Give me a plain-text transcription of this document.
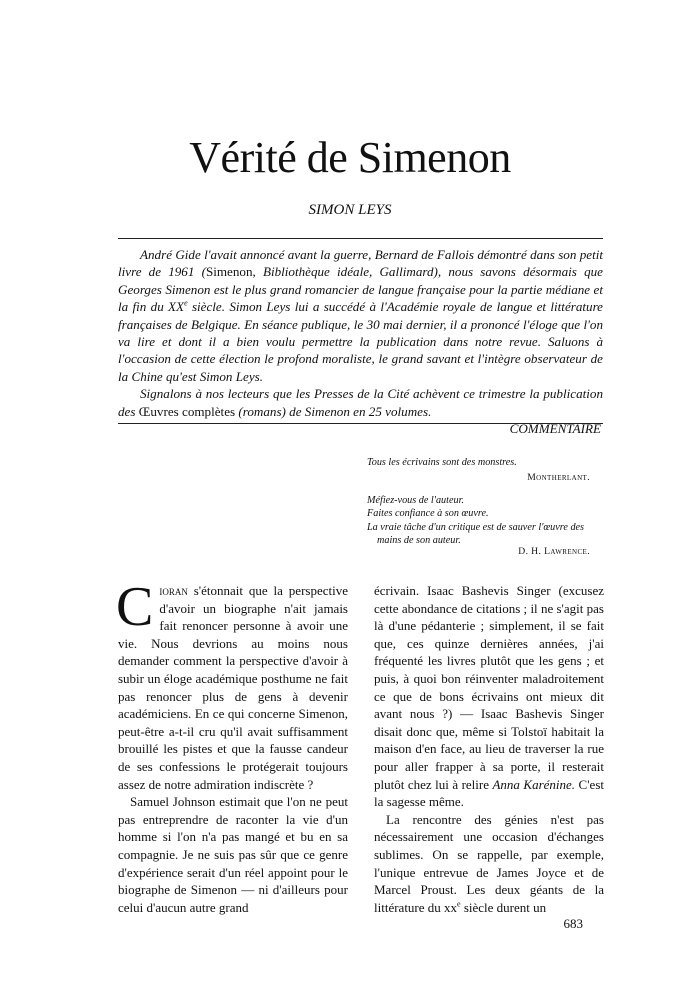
Vérité de Simenon
SIMON LEYS

André Gide l'avait annoncé avant la guerre, Bernard de Fallois démontré dans son petit livre de 1961 (Simenon, Bibliothèque idéale, Gallimard), nous savons désormais que Georges Simenon est le plus grand romancier de langue française pour la partie médiane et la fin du XXe siècle. Simon Leys lui a succédé à l'Académie royale de langue et littérature françaises de Belgique. En séance publique, le 30 mai dernier, il a prononcé l'éloge que l'on va lire et dont il a bien voulu permettre la publication dans notre revue. Saluons à l'occasion de cette élection le profond moraliste, le grand savant et l'intègre observateur de la Chine qu'est Simon Leys.

Signalons à nos lecteurs que les Presses de la Cité achèvent ce trimestre la publication des Œuvres complètes (romans) de Simenon en 25 volumes.

COMMENTAIRE

Tous les écrivains sont des monstres.
Montherlant.
Méfiez-vous de l'auteur.
Faites confiance à son œuvre.
La vraie tâche d'un critique est de sauver l'œuvre des
mains de son auteur.
D. H. Lawrence.

Cioran s'étonnait que la perspective d'avoir un biographe n'ait jamais fait renoncer personne à avoir une vie. Nous devrions au moins nous demander comment la perspective d'avoir à subir un éloge académique posthume ne fait pas renoncer plus de gens à devenir académiciens. En ce qui concerne Simenon, peut-être a-t-il cru qu'il avait suffisamment brouillé les pistes et que la fausse candeur de ses confessions le protégerait toujours assez de notre admiration indiscrète ?

Samuel Johnson estimait que l'on ne peut pas entreprendre de raconter la vie d'un homme si l'on n'a pas mangé et bu en sa compagnie. Je ne suis pas sûr que ce genre d'expérience serait d'un réel appoint pour le biographe de Simenon — ni d'ailleurs pour celui d'aucun autre grand

écrivain. Isaac Bashevis Singer (excusez cette abondance de citations ; il ne s'agit pas là d'une pédanterie ; simplement, il se fait que, ces quinze dernières années, j'ai fréquenté les livres plutôt que les gens ; et puis, à quoi bon réinventer maladroitement ce que de bons écrivains ont mieux dit avant nous ?) — Isaac Bashevis Singer disait donc que, même si Tolstoï habitait la maison d'en face, au lieu de traverser la rue pour aller frapper à sa porte, il resterait plutôt chez lui à relire Anna Karénine. C'est la sagesse même.

La rencontre des génies n'est pas nécessairement une occasion d'échanges sublimes. On se rappelle, par exemple, l'unique entrevue de James Joyce et de Marcel Proust. Les deux géants de la littérature du $xx^e$ siècle durent un

683
